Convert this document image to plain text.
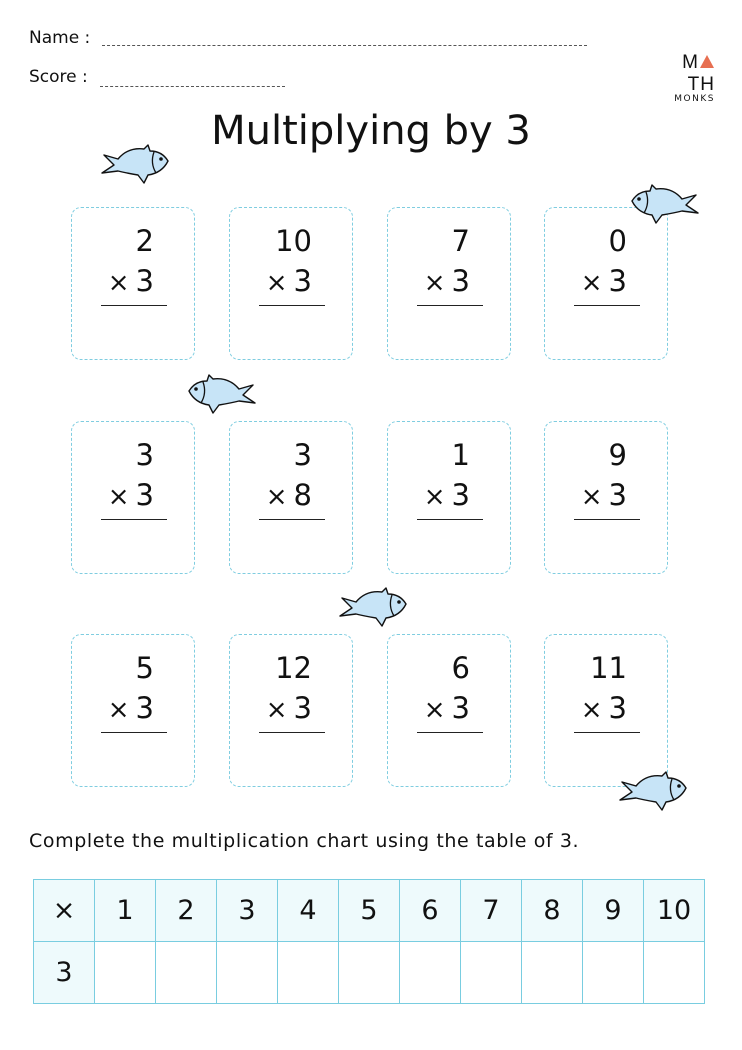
Name :
Score :
MTH
MONKS
Multiplying by 3
2
× 3
10
× 3
7
× 3
0
× 3
3
× 3
3
× 8
1
× 3
9
× 3
5
× 3
12
× 3
6
× 3
11
× 3
Complete the multiplication chart using the table of 3.
×	1	2	3	4	5	6	7	8	9	10
3										
